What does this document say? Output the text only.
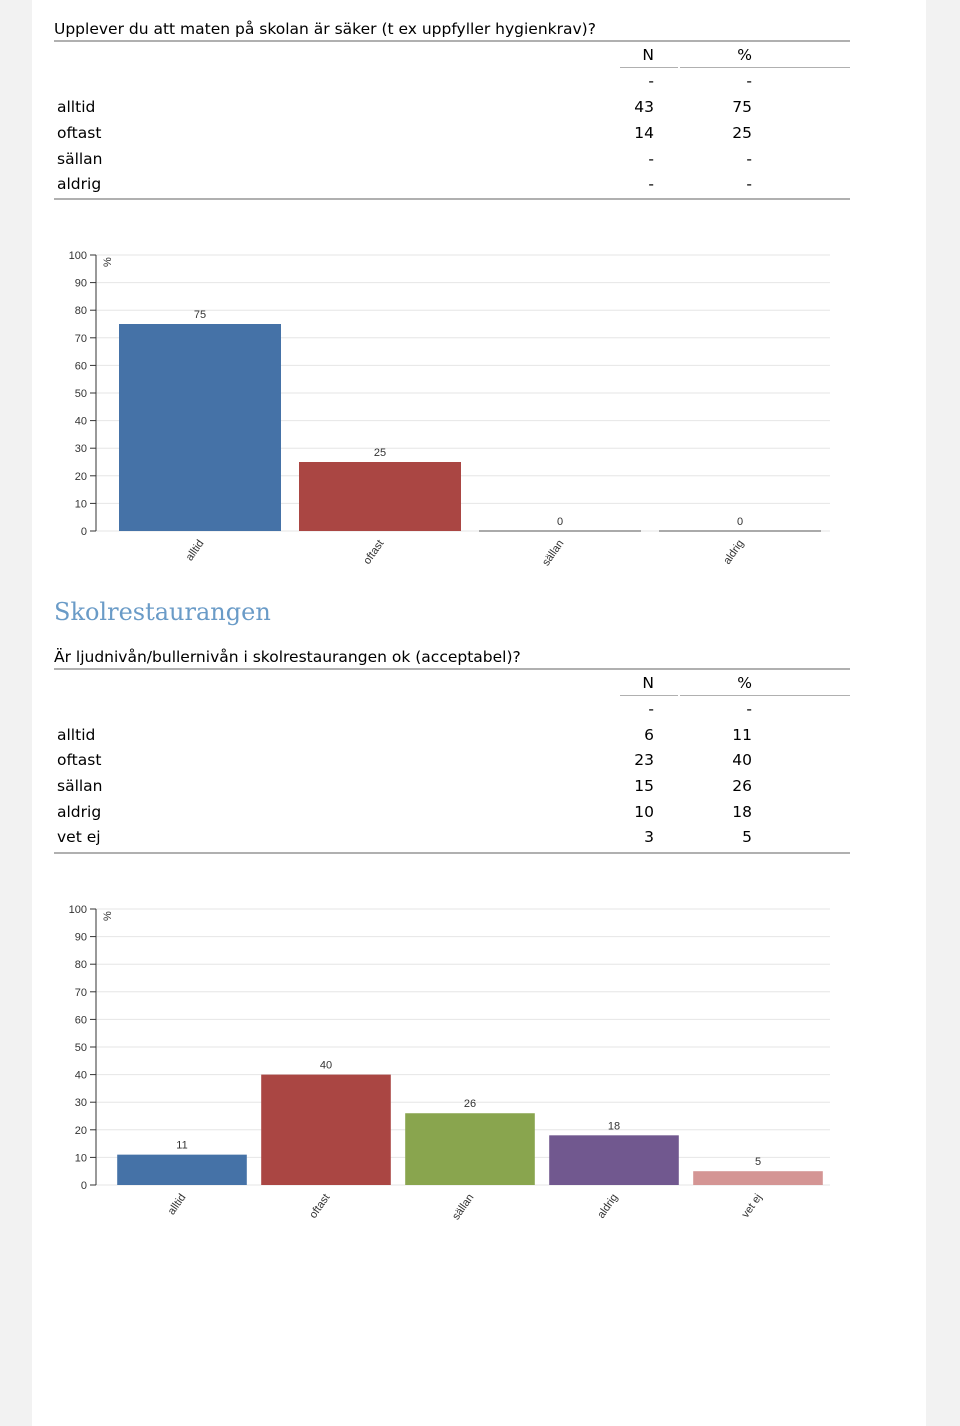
Upplever du att maten på skolan är säker (t ex uppfyller hygienkrav)?
N	%
-	-
alltid	43	75
oftast	14	25
sällan	-	-
aldrig	-	-
0
10
20
30
40
50
60
70
80
90
100
%
75
alltid
25
oftast
0
sällan
0
aldrig
Skolrestaurangen
Är ljudnivån/bullernivån i skolrestaurangen ok (acceptabel)?
N	%
-	-
alltid	6	11
oftast	23	40
sällan	15	26
aldrig	10	18
vet ej	3	5
0
10
20
30
40
50
60
70
80
90
100
%
11
alltid
40
oftast
26
sällan
18
aldrig
5
vet ej
